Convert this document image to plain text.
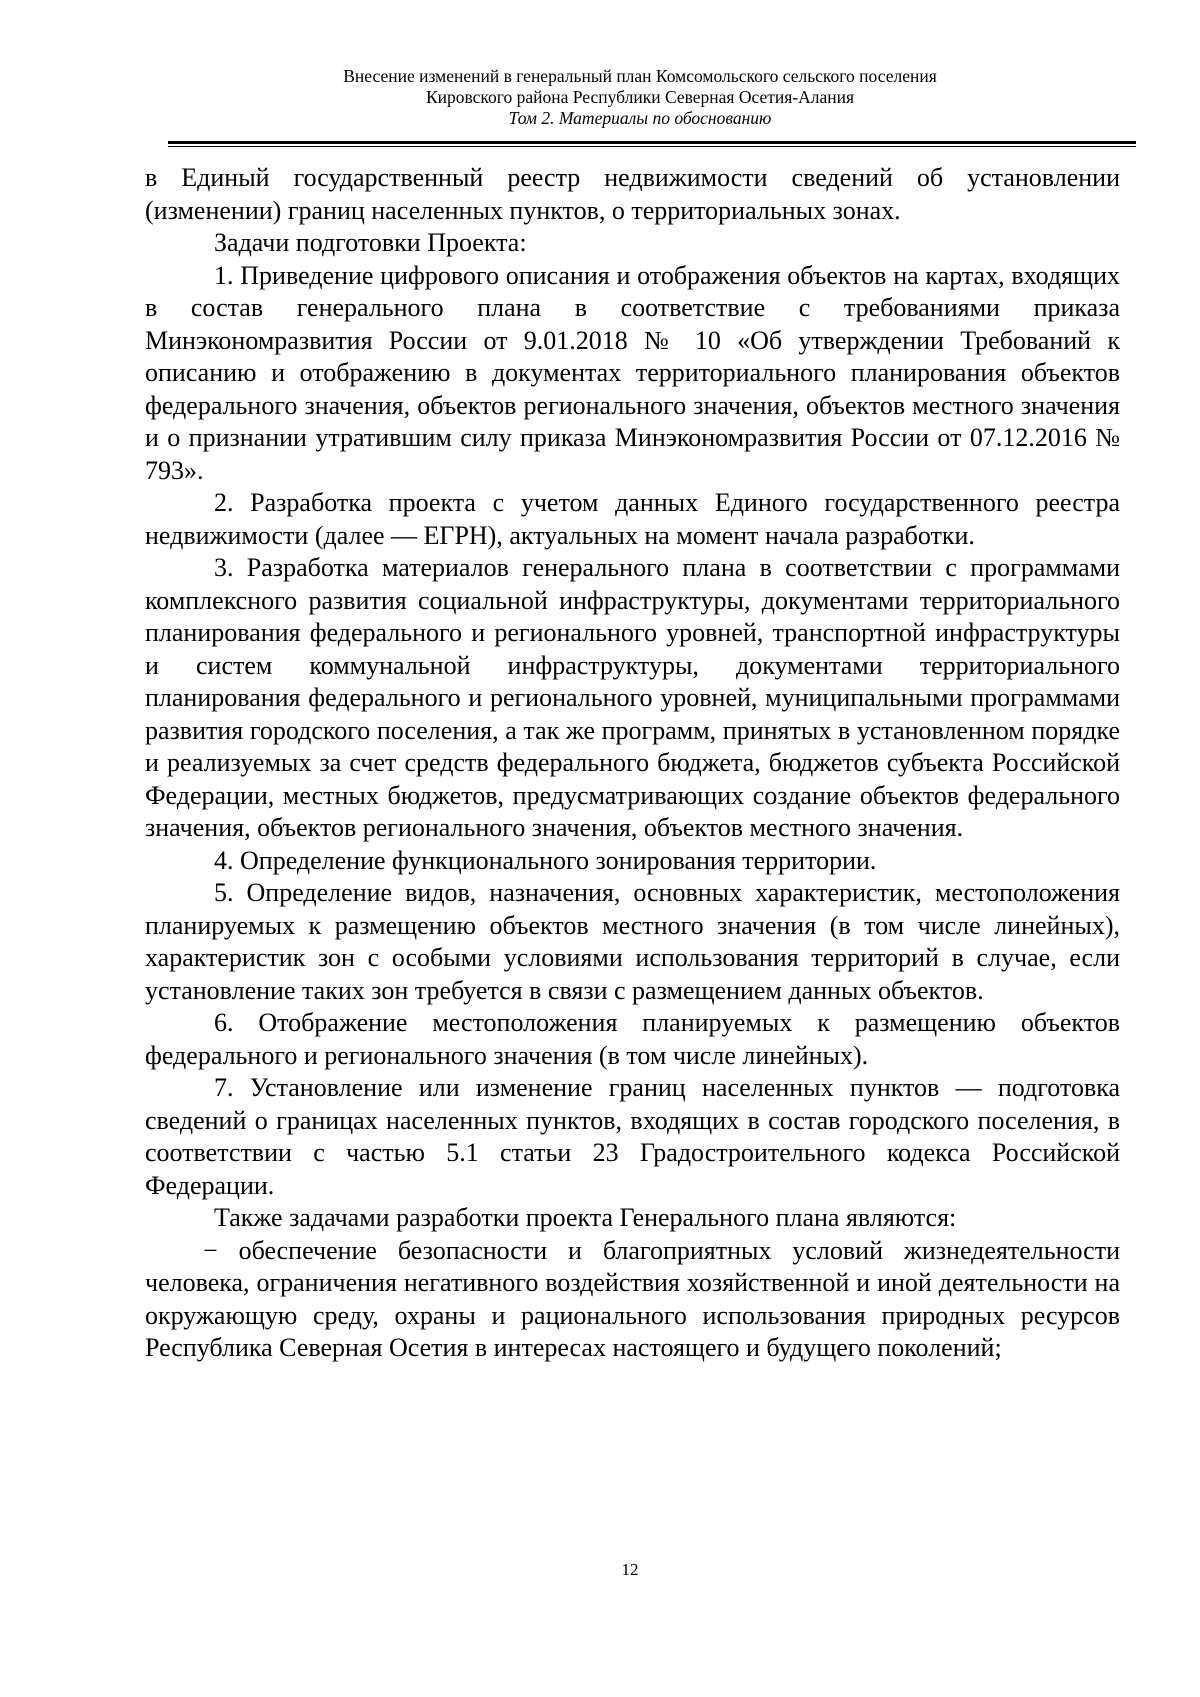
Внесение изменений в генеральный план Комсомольского сельского поселения
Кировского района Республики Северная Осетия-Алания
Том 2. Материалы по обоснованию

в Единый государственный реестр недвижимости сведений об установлении (изменении) границ населенных пунктов, о территориальных зонах.

Задачи подготовки Проекта:

1. Приведение цифрового описания и отображения объектов на картах, входящих в состав генерального плана в соответствие с требованиями приказа Минэкономразвития России от 9.01.2018 № 10 «Об утверждении Требований к описанию и отображению в документах территориального планирования объектов федерального значения, объектов регионального значения, объектов местного значения и о признании утратившим силу приказа Минэкономразвития России от 07.12.2016 № 793».

2. Разработка проекта с учетом данных Единого государственного реестра недвижимости (далее — ЕГРН), актуальных на момент начала разработки.

3. Разработка материалов генерального плана в соответствии с программами комплексного развития социальной инфраструктуры, документами территориального планирования федерального и регионального уровней, транспортной инфраструктуры и систем коммунальной инфраструктуры, документами территориального планирования федерального и регионального уровней, муниципальными программами развития городского поселения, а так же программ, принятых в установленном порядке и реализуемых за счет средств федерального бюджета, бюджетов субъекта Российской Федерации, местных бюджетов, предусматривающих создание объектов федерального значения, объектов регионального значения, объектов местного значения.

4. Определение функционального зонирования территории.

5. Определение видов, назначения, основных характеристик, местоположения планируемых к размещению объектов местного значения (в том числе линейных), характеристик зон с особыми условиями использования территорий в случае, если установление таких зон требуется в связи с размещением данных объектов.

6. Отображение местоположения планируемых к размещению объектов федерального и регионального значения (в том числе линейных).

7. Установление или изменение границ населенных пунктов — подготовка сведений о границах населенных пунктов, входящих в состав городского поселения, в соответствии с частью 5.1 статьи 23 Градостроительного кодекса Российской Федерации.

Также задачами разработки проекта Генерального плана являются:

− обеспечение безопасности и благоприятных условий жизнедеятельности человека, ограничения негативного воздействия хозяйственной и иной деятельности на окружающую среду, охраны и рационального использования природных ресурсов Республика Северная Осетия в интересах настоящего и будущего поколений;

12
